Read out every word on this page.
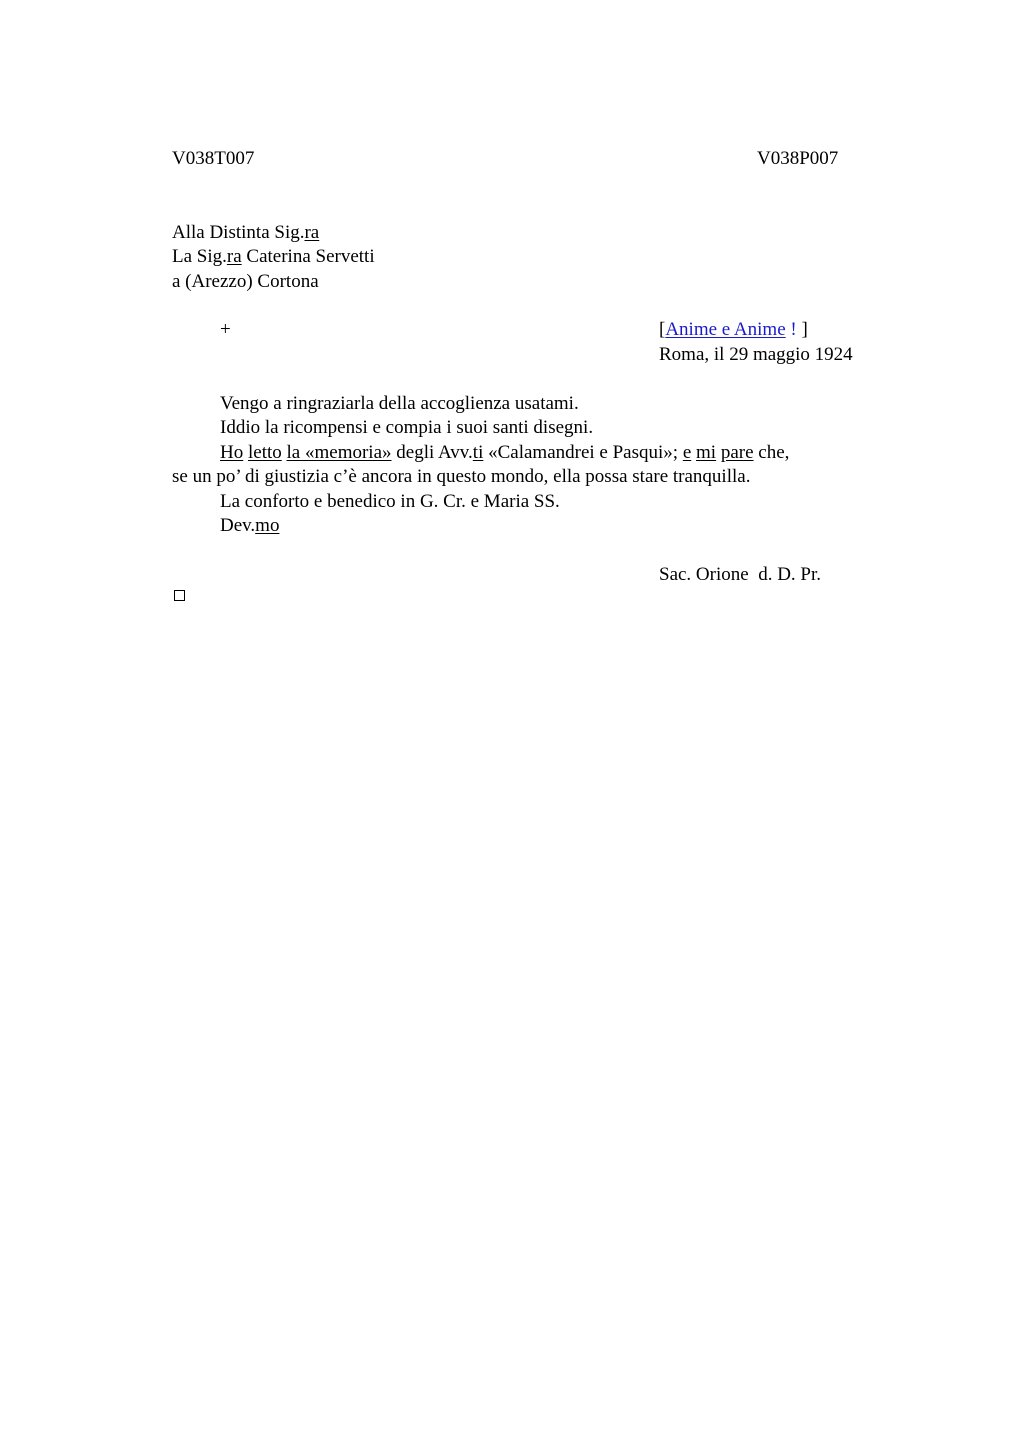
V038T007	V038P007
Alla Distinta Sig.ra
La Sig.ra Caterina Servetti
a (Arezzo) Cortona
+	[Anime e Anime ! ]
Roma, il 29 maggio 1924
Vengo a ringraziarla della accoglienza usatami.
Iddio la ricompensi e compia i suoi santi disegni.
Ho letto la «memoria» degli Avv.ti «Calamandrei e Pasqui»; e mi pare che,
se un po’ di giustizia c’è ancora in questo mondo, ella possa stare tranquilla.
La conforto e benedico in G. Cr. e Maria SS.
Dev.mo
Sac. Orione  d. D. Pr.
